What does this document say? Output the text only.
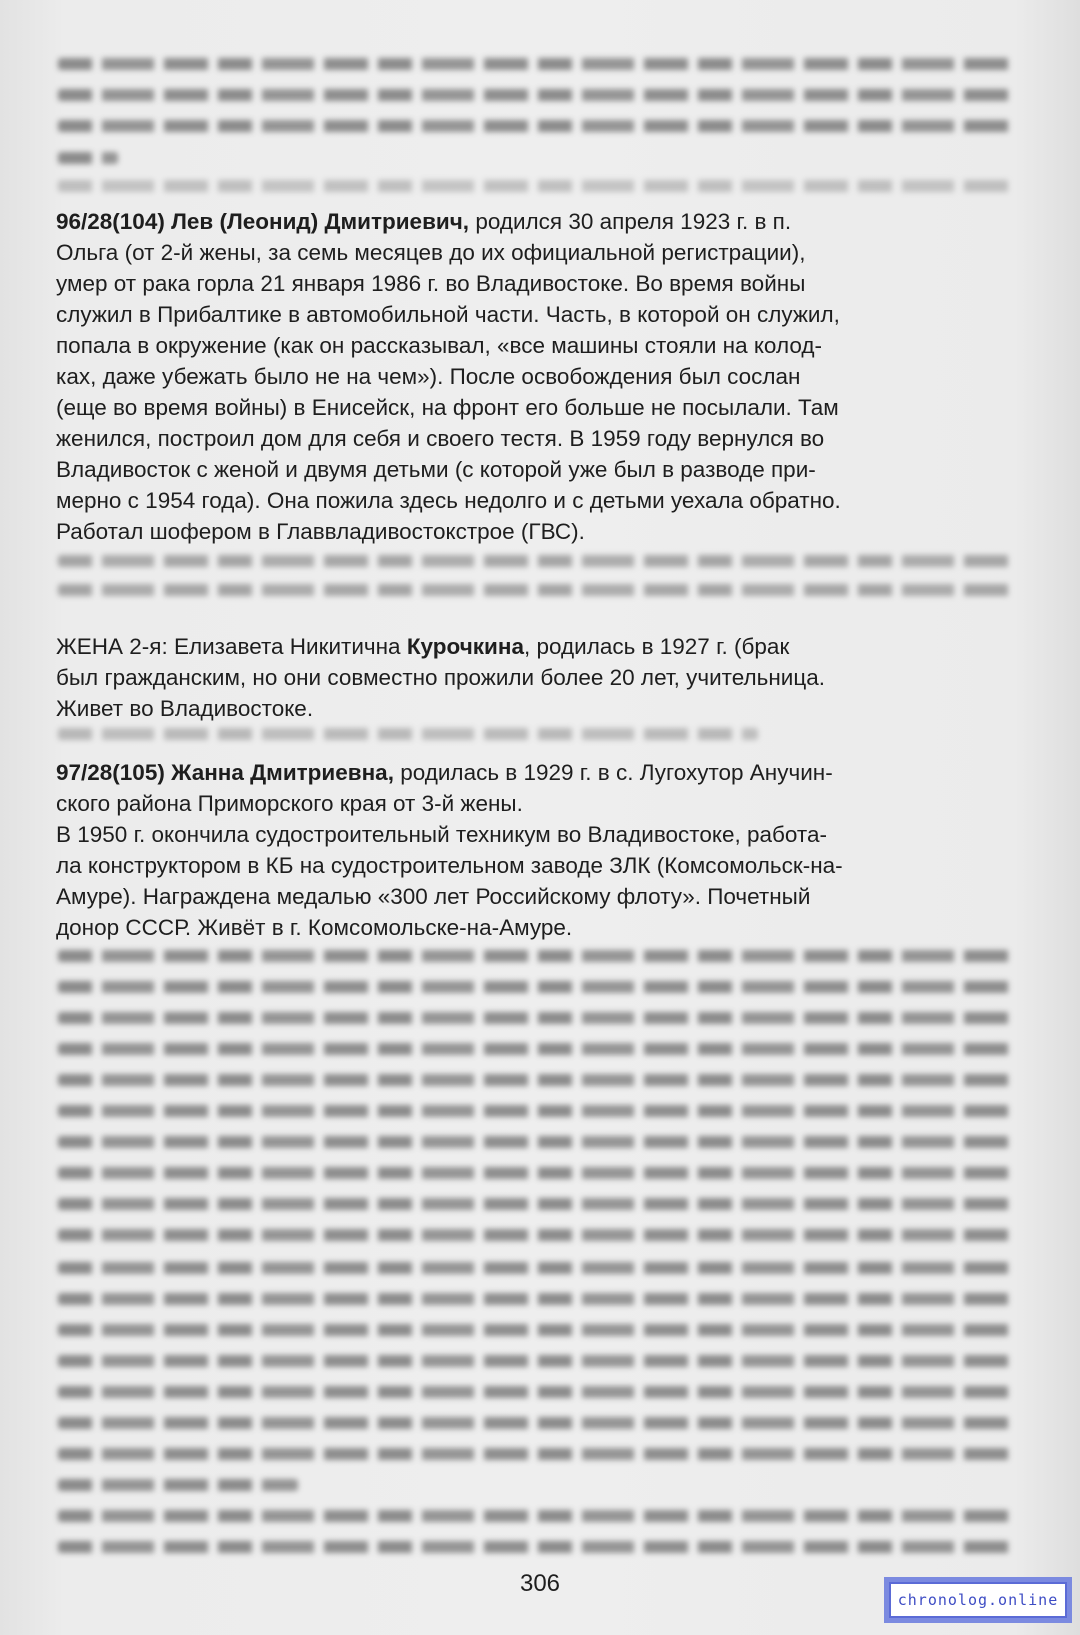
96/28(104) Лев (Леонид) Дмитриевич, родился 30 апреля 1923 г. в п.

Ольга (от 2-й жены, за семь месяцев до их официальной регистрации),

умер от рака горла 21 января 1986 г. во Владивостоке. Во время войны

служил в Прибалтике в автомобильной части. Часть, в которой он служил,

попала в окружение (как он рассказывал, «все машины стояли на колод-

ках, даже убежать было не на чем»). После освобождения был сослан

(еще во время войны) в Енисейск, на фронт его больше не посылали. Там

женился, построил дом для себя и своего тестя. В 1959 году вернулся во

Владивосток с женой и двумя детьми (с которой уже был в разводе при-

мерно с 1954 года). Она пожила здесь недолго и с детьми уехала обратно.

Работал шофером в Главвладивостокстрое (ГВС).

ЖЕНА 2-я: Елизавета Никитична Курочкина, родилась в 1927 г. (брак

был гражданским, но они совместно прожили более 20 лет, учительница.

Живет во Владивостоке.

97/28(105) Жанна Дмитриевна, родилась в 1929 г. в с. Лугохутор Анучин-

ского района Приморского края от 3-й жены.

В 1950 г. окончила судостроительный техникум во Владивостоке, работа-

ла конструктором в КБ на судостроительном заводе ЗЛК (Комсомольск-на-

Амуре). Награждена медалью «300 лет Российскому флоту». Почетный

донор СССР. Живёт в г. Комсомольске-на-Амуре.

306
chronolog.online
